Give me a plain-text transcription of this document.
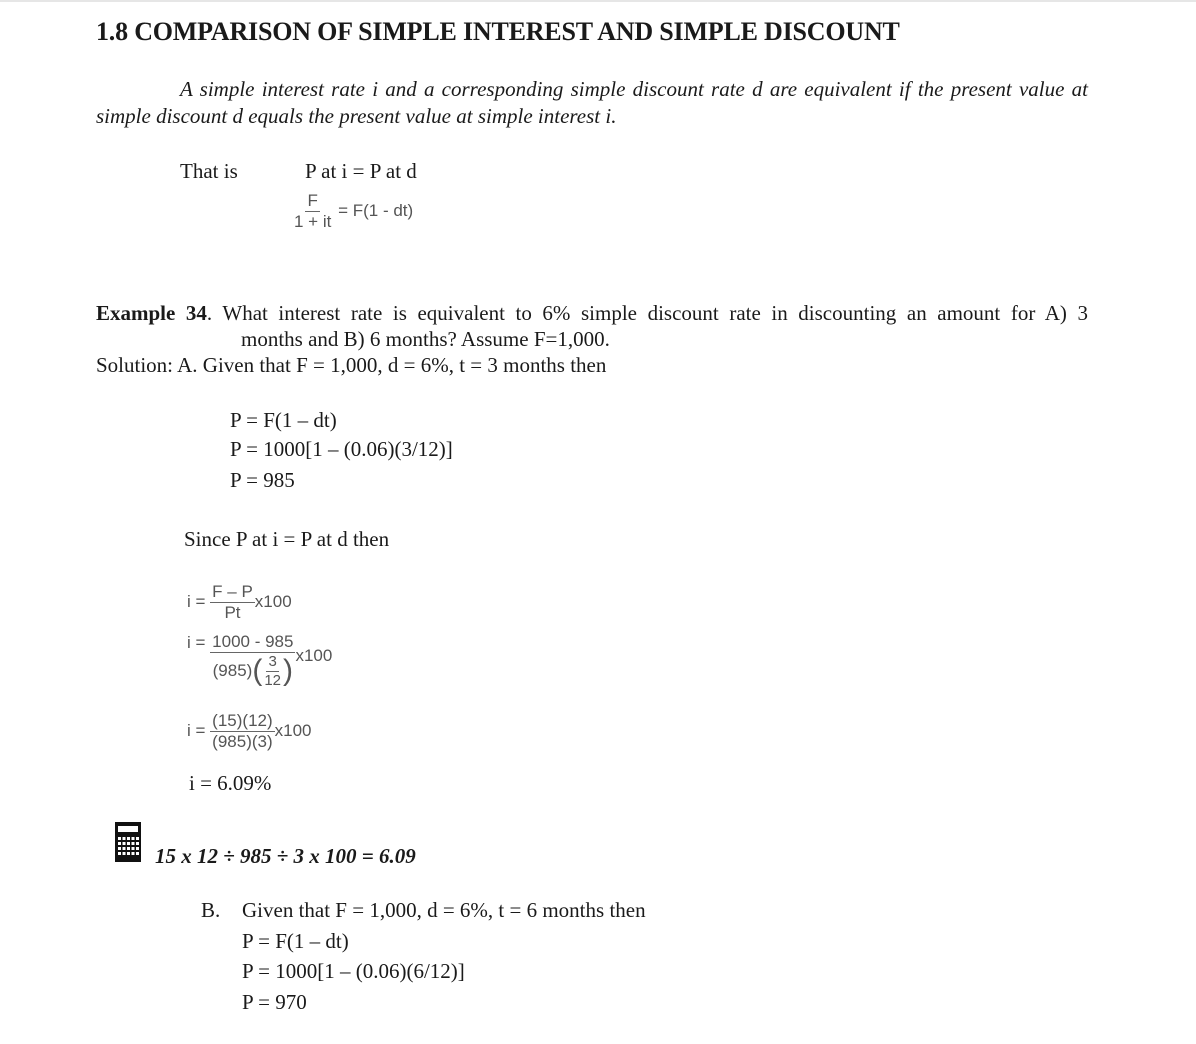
1.8 COMPARISON OF SIMPLE INTEREST AND SIMPLE DISCOUNT

A simple interest rate i and a corresponding simple discount rate d are equivalent if the present value at simple discount d equals the present value at simple interest i.

That is	P at i = P at d
$\frac{F}{1 + it} = F(1 - dt)$
Example 34. What interest rate is equivalent to 6% simple discount rate in discounting an amount for A) 3
months and B) 6 months? Assume F=1,000.
Solution: A. Given that F = 1,000, d = 6%, t = 3 months then
P = F(1 – dt)
P = 1000[1 – (0.06)(3/12)]
P = 985
Since P at i = P at d then
$i = \frac{F - P}{Pt} x100$
$i = \frac{1000 - 985}{(985) ( \frac{3}{12} )} x100$
$i = \frac{(15)(12)}{(985)(3)} x100$
i = 6.09%
15 x 12 ÷ 985 ÷ 3 x 100 = 6.09
B. Given that F = 1,000, d = 6%, t = 6 months then
P = F(1 – dt)
P = 1000[1 – (0.06)(6/12)]
P = 970
